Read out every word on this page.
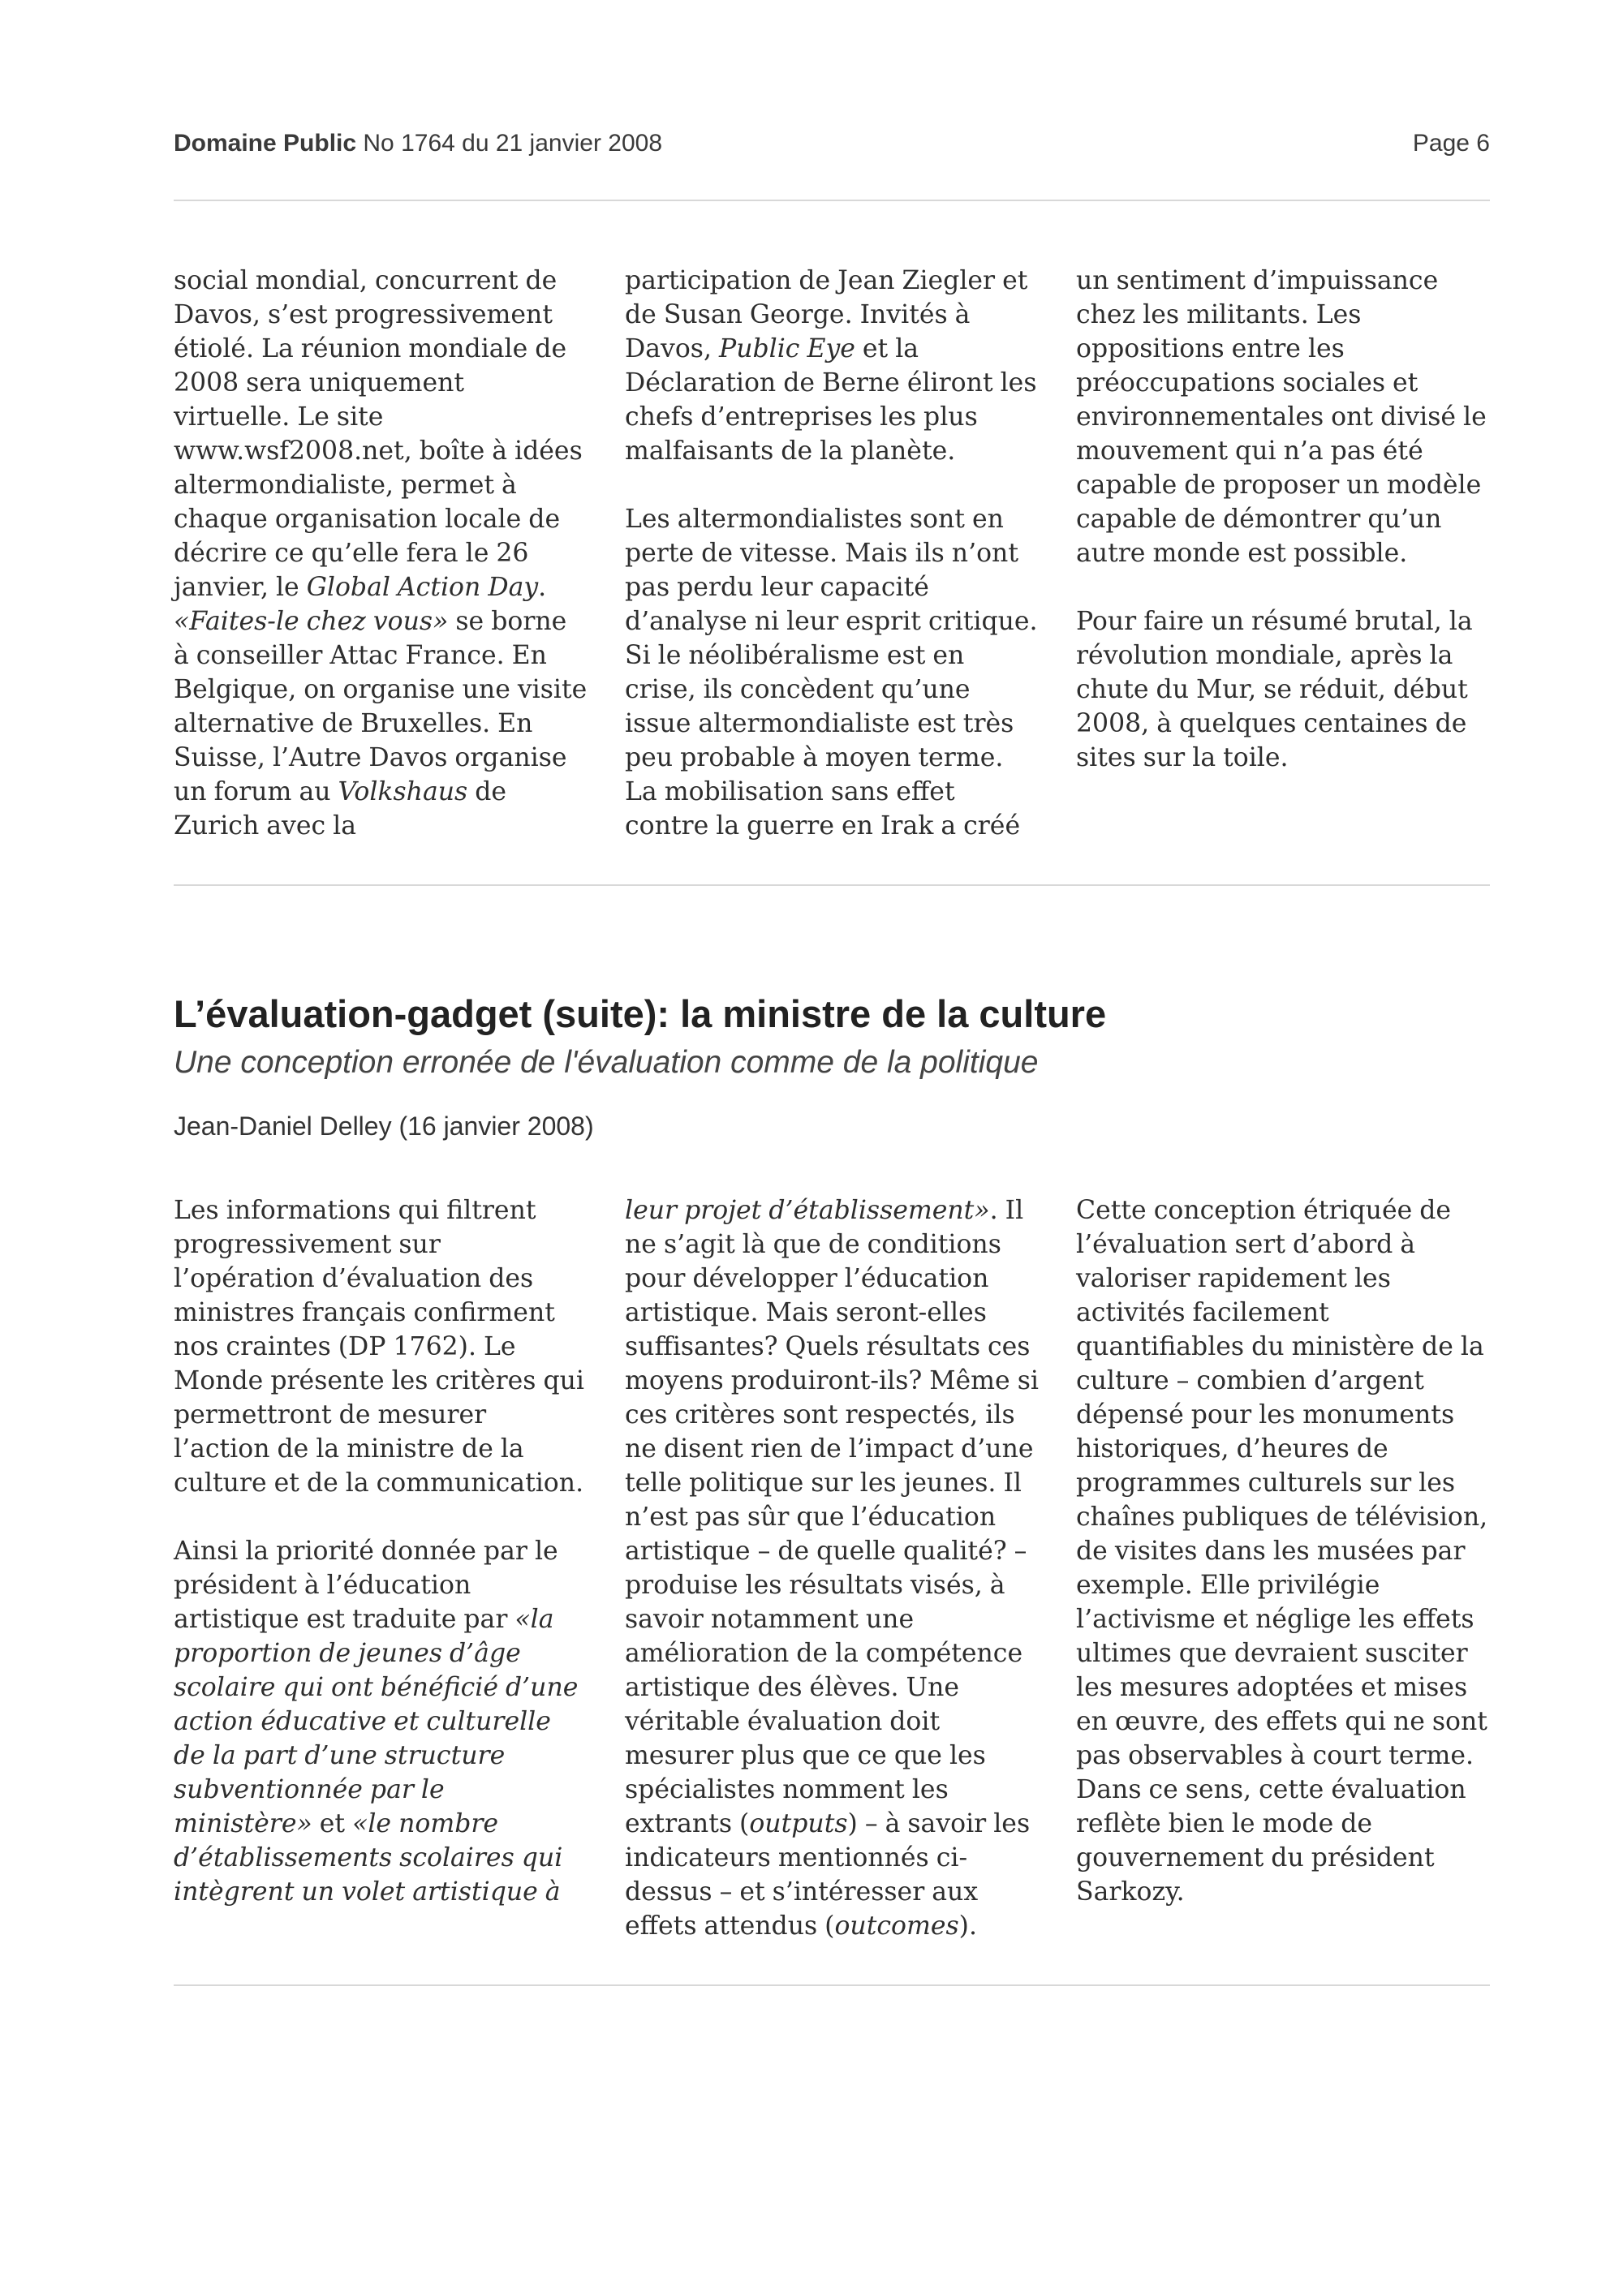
Domaine Public No 1764 du 21 janvier 2008	Page 6

social mondial, concurrent de Davos, s’est progressivement étiolé. La réunion mondiale de 2008 sera uniquement virtuelle. Le site www.wsf2008.net, boîte à idées altermondialiste, permet à chaque organisation locale de décrire ce qu’elle fera le 26 janvier, le Global Action Day. «Faites-le chez vous» se borne à conseiller Attac France. En Belgique, on organise une visite alternative de Bruxelles. En Suisse, l’Autre Davos organise un forum au Volkshaus de Zurich avec la

participation de Jean Ziegler et de Susan George. Invités à Davos, Public Eye et la Déclaration de Berne éliront les chefs d’entreprises les plus malfaisants de la planète.

Les altermondialistes sont en perte de vitesse. Mais ils n’ont pas perdu leur capacité d’analyse ni leur esprit critique. Si le néolibéralisme est en crise, ils concèdent qu’une issue altermondialiste est très peu probable à moyen terme. La mobilisation sans effet contre la guerre en Irak a créé

un sentiment d’impuissance chez les militants. Les oppositions entre les préoccupations sociales et environnementales ont divisé le mouvement qui n’a pas été capable de proposer un modèle capable de démontrer qu’un autre monde est possible.

Pour faire un résumé brutal, la révolution mondiale, après la chute du Mur, se réduit, début 2008, à quelques centaines de sites sur la toile.

L’évaluation-gadget (suite): la ministre de la culture
Une conception erronée de l'évaluation comme de la politique
Jean-Daniel Delley (16 janvier 2008)

Les informations qui filtrent progressivement sur l’opération d’évaluation des ministres français confirment nos craintes (DP 1762). Le Monde présente les critères qui permettront de mesurer l’action de la ministre de la culture et de la communication.

Ainsi la priorité donnée par le président à l’éducation artistique est traduite par «la proportion de jeunes d’âge scolaire qui ont bénéficié d’une action éducative et culturelle de la part d’une structure subventionnée par le ministère» et «le nombre d’établissements scolaires qui intègrent un volet artistique à

leur projet d’établissement». Il ne s’agit là que de conditions pour développer l’éducation artistique. Mais seront-elles suffisantes? Quels résultats ces moyens produiront-ils? Même si ces critères sont respectés, ils ne disent rien de l’impact d’une telle politique sur les jeunes. Il n’est pas sûr que l’éducation artistique – de quelle qualité? – produise les résultats visés, à savoir notamment une amélioration de la compétence artistique des élèves. Une véritable évaluation doit mesurer plus que ce que les spécialistes nomment les extrants (outputs) – à savoir les indicateurs mentionnés ci-dessus – et s’intéresser aux effets attendus (outcomes).

Cette conception étriquée de l’évaluation sert d’abord à valoriser rapidement les activités facilement quantifiables du ministère de la culture – combien d’argent dépensé pour les monuments historiques, d’heures de programmes culturels sur les chaînes publiques de télévision, de visites dans les musées par exemple. Elle privilégie l’activisme et néglige les effets ultimes que devraient susciter les mesures adoptées et mises en œuvre, des effets qui ne sont pas observables à court terme. Dans ce sens, cette évaluation reflète bien le mode de gouvernement du président Sarkozy.
